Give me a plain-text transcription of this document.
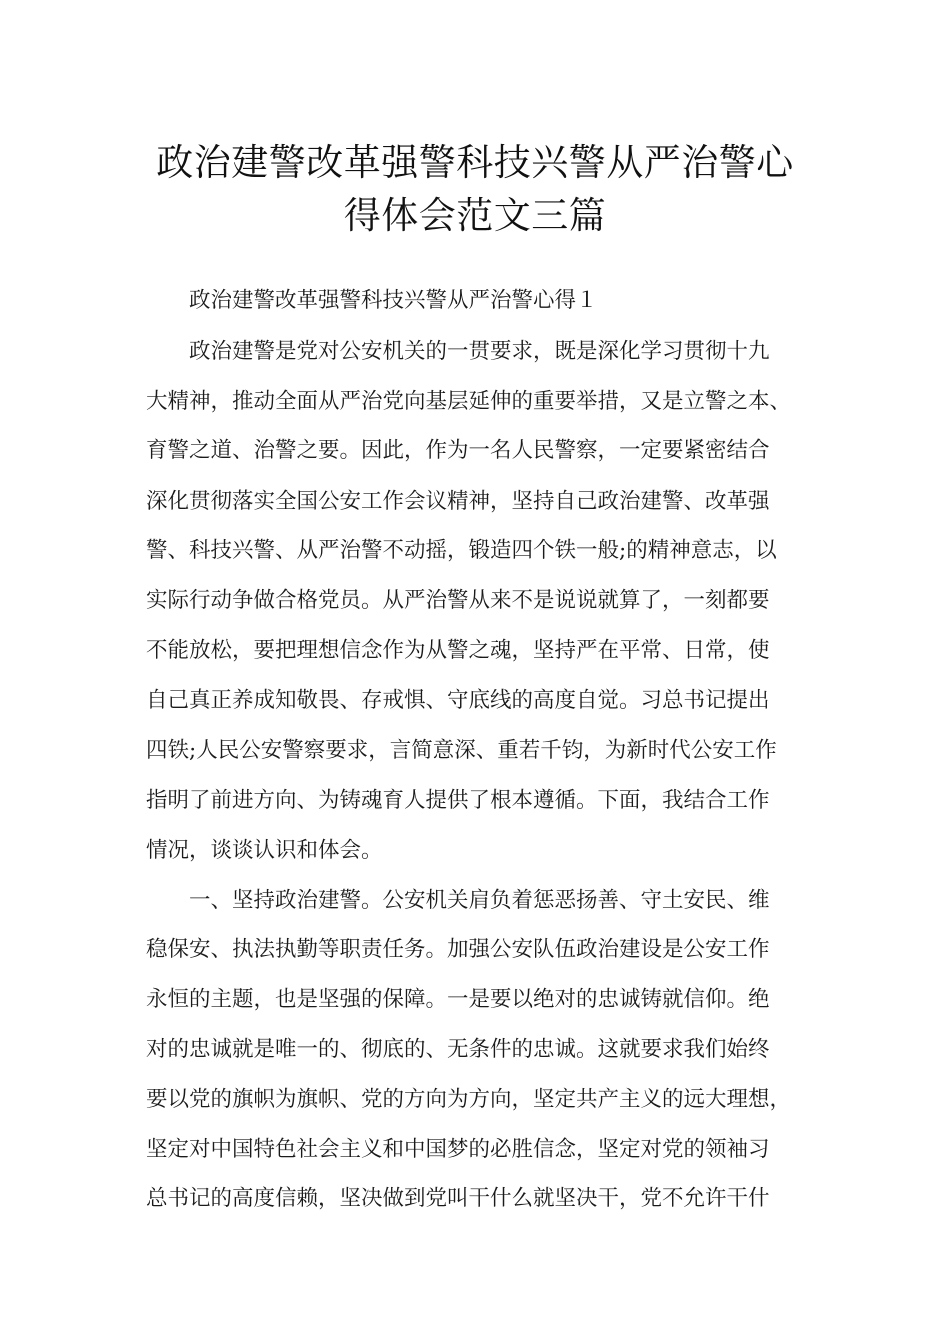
政治建警改革强警科技兴警从严治警心
得体会范文三篇
　　政治建警改革强警科技兴警从严治警心得１
　　政治建警是党对公安机关的一贯要求，既是深化学习贯彻十九
大精神，推动全面从严治党向基层延伸的重要举措，又是立警之本、
育警之道、治警之要。因此，作为一名人民警察，一定要紧密结合
深化贯彻落实全国公安工作会议精神，坚持自己政治建警、改革强
警、科技兴警、从严治警不动摇，锻造四个铁一般;的精神意志，以
实际行动争做合格党员。从严治警从来不是说说就算了，一刻都要
不能放松，要把理想信念作为从警之魂，坚持严在平常、日常，使
自己真正养成知敬畏、存戒惧、守底线的高度自觉。习总书记提出
四铁;人民公安警察要求，言简意深、重若千钧，为新时代公安工作
指明了前进方向、为铸魂育人提供了根本遵循。下面，我结合工作
情况，谈谈认识和体会。
　　一、坚持政治建警。公安机关肩负着惩恶扬善、守土安民、维
稳保安、执法执勤等职责任务。加强公安队伍政治建设是公安工作
永恒的主题，也是坚强的保障。一是要以绝对的忠诚铸就信仰。绝
对的忠诚就是唯一的、彻底的、无条件的忠诚。这就要求我们始终
要以党的旗帜为旗帜、党的方向为方向，坚定共产主义的远大理想，
坚定对中国特色社会主义和中国梦的必胜信念，坚定对党的领袖习
总书记的高度信赖，坚决做到党叫干什么就坚决干，党不允许干什
